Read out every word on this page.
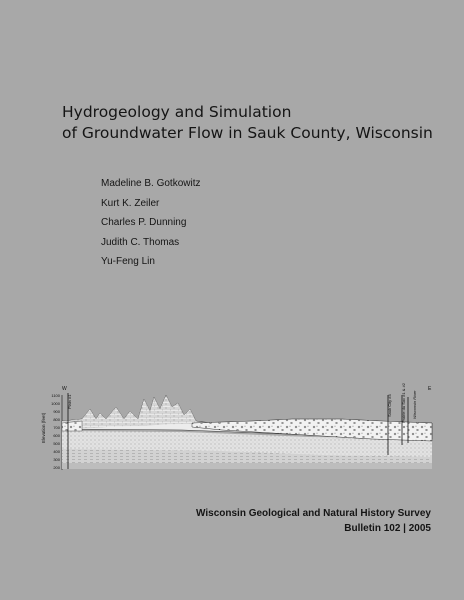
Hydrogeology and Simulation
of Groundwater Flow in Sauk County, Wisconsin
Madeline B. Gotkowitz
Kurt K. Zeiler
Charles P. Dunning
Judith C. Thomas
Yu-Feng Lin
W	E
Elevation (feet)
1100
1000
900
800
700
600
500
400
300
200
Plain #1	Sauk City #4 Prairie du Sac #1 & #2 Wisconsin River
Wisconsin Geological and Natural History Survey
Bulletin 102 | 2005
